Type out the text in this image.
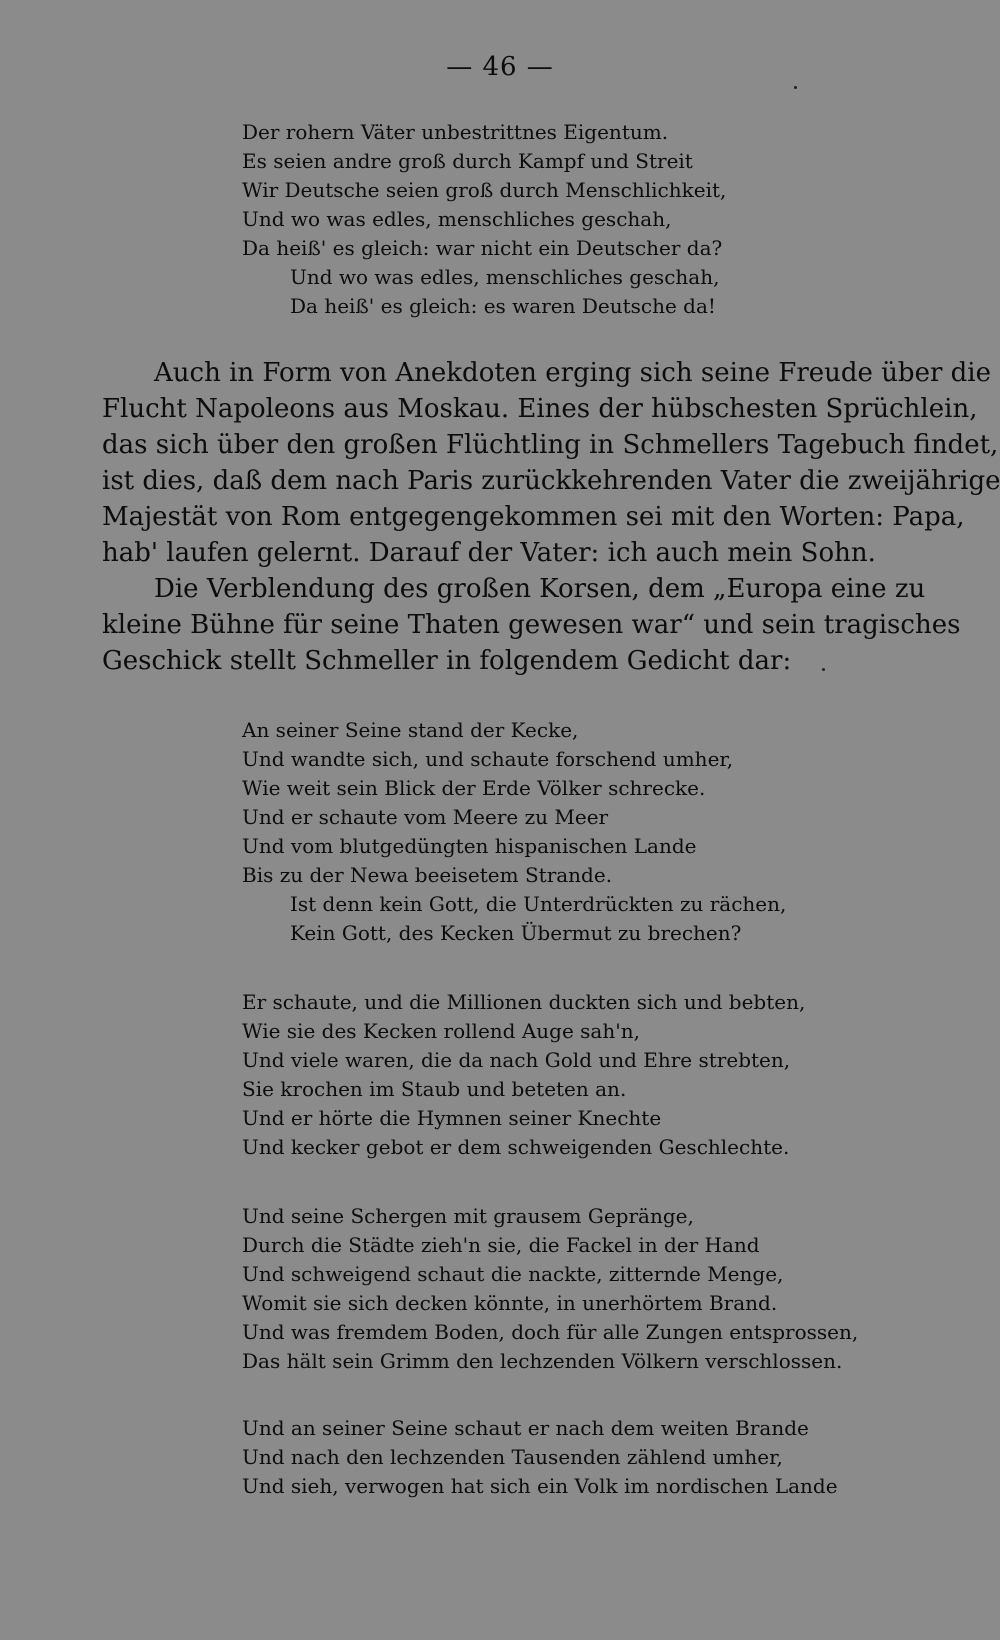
— 46 —
Der rohern Väter unbestrittnes Eigentum.
Es seien andre groß durch Kampf und Streit
Wir Deutsche seien groß durch Menschlichkeit,
Und wo was edles, menschliches geschah,
Da heiß' es gleich: war nicht ein Deutscher da?
Und wo was edles, menschliches geschah,
Da heiß' es gleich: es waren Deutsche da!
Auch in Form von Anekdoten erging sich seine Freude über die
Flucht Napoleons aus Moskau. Eines der hübschesten Sprüchlein,
das sich über den großen Flüchtling in Schmellers Tagebuch findet,
ist dies, daß dem nach Paris zurückkehrenden Vater die zweijährige
Majestät von Rom entgegengekommen sei mit den Worten: Papa,
hab' laufen gelernt. Darauf der Vater: ich auch mein Sohn.
Die Verblendung des großen Korsen, dem „Europa eine zu
kleine Bühne für seine Thaten gewesen war“ und sein tragisches
Geschick stellt Schmeller in folgendem Gedicht dar:
An seiner Seine stand der Kecke,
Und wandte sich, und schaute forschend umher,
Wie weit sein Blick der Erde Völker schrecke.
Und er schaute vom Meere zu Meer
Und vom blutgedüngten hispanischen Lande
Bis zu der Newa beeisetem Strande.
Ist denn kein Gott, die Unterdrückten zu rächen,
Kein Gott, des Kecken Übermut zu brechen?
Er schaute, und die Millionen duckten sich und bebten,
Wie sie des Kecken rollend Auge sah'n,
Und viele waren, die da nach Gold und Ehre strebten,
Sie krochen im Staub und beteten an.
Und er hörte die Hymnen seiner Knechte
Und kecker gebot er dem schweigenden Geschlechte.
Und seine Schergen mit grausem Gepränge,
Durch die Städte zieh'n sie, die Fackel in der Hand
Und schweigend schaut die nackte, zitternde Menge,
Womit sie sich decken könnte, in unerhörtem Brand.
Und was fremdem Boden, doch für alle Zungen entsprossen,
Das hält sein Grimm den lechzenden Völkern verschlossen.
Und an seiner Seine schaut er nach dem weiten Brande
Und nach den lechzenden Tausenden zählend umher,
Und sieh, verwogen hat sich ein Volk im nordischen Lande
